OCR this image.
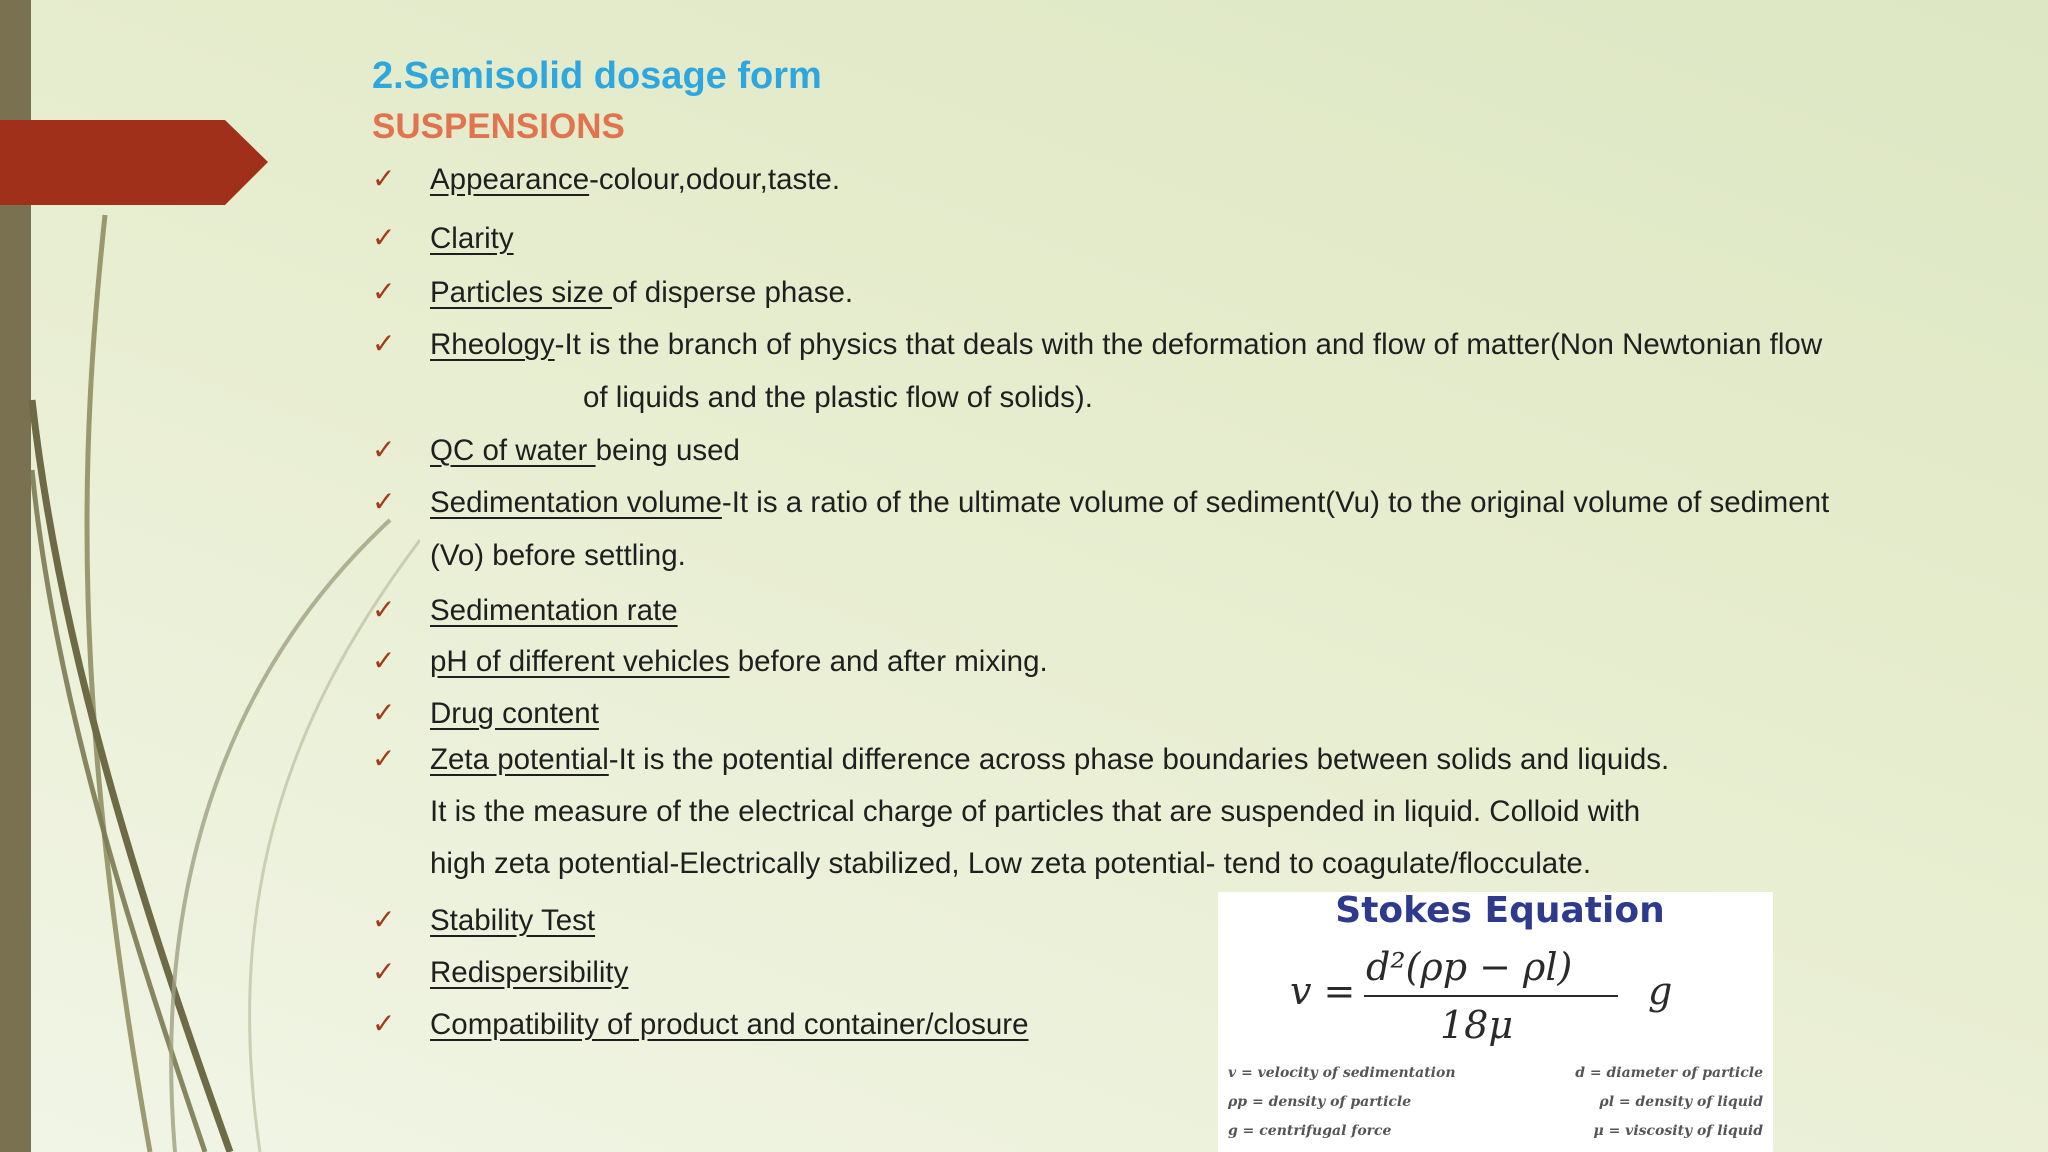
2.Semisolid dosage form
SUSPENSIONS
✓ Appearance-colour,odour,taste.
✓ Clarity
✓ Particles size of disperse phase.
✓ Rheology-It is the branch of physics that deals with the deformation and flow of matter(Non Newtonian flow
of liquids and the plastic flow of solids).
✓ QC of water being used
✓ Sedimentation volume-It is a ratio of the ultimate volume of sediment(Vu) to the original volume of sediment
(Vo) before settling.
✓ Sedimentation rate
✓ pH of different vehicles before and after mixing.
✓ Drug content
✓ Zeta potential-It is the potential difference across phase boundaries between solids and liquids.
It is the measure of the electrical charge of particles that are suspended in liquid. Colloid with
high zeta potential-Electrically stabilized, Low zeta potential- tend to coagulate/flocculate.
✓ Stability Test
✓ Redispersibility
✓ Compatibility of product and container/closure
Stokes Equation
v =
d²(ρp − ρl)
18μ
g
v = velocity of sedimentation	d = diameter of particle
ρp = density of particle	ρl = density of liquid
g = centrifugal force	μ = viscosity of liquid
